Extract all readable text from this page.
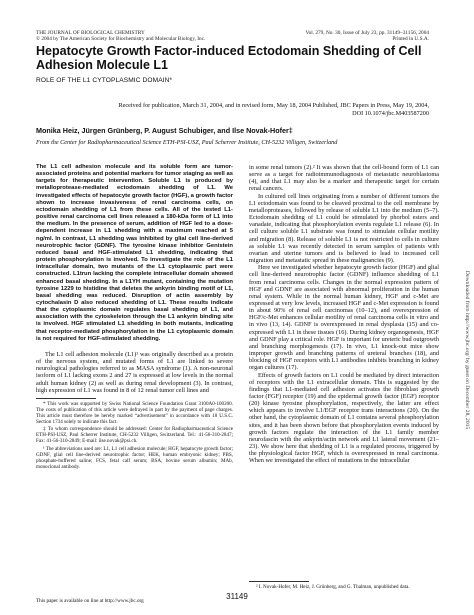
THE JOURNAL OF BIOLOGICAL CHEMISTRY
© 2004 by The American Society for Biochemistry and Molecular Biology, Inc.
Vol. 279, No. 30, Issue of July 23, pp. 31149–31156, 2004
Printed in U.S.A.
Hepatocyte Growth Factor-induced Ectodomain Shedding of Cell Adhesion Molecule L1
ROLE OF THE L1 CYTOPLASMIC DOMAIN*
Received for publication, March 31, 2004, and in revised form, May 18, 2004 Published, JBC Papers in Press, May 19, 2004, DOI 10.1074/jbc.M403587200
Monika Heiz, Jürgen Grünberg, P. August Schubiger, and Ilse Novak-Hofer‡
From the Center for Radiopharmaceutical Science ETH-PSI-USZ, Paul Scherrer Institute, CH-5232 Villigen, Switzerland

The L1 cell adhesion molecule and its soluble form are tumor-associated proteins and potential markers for tumor staging as well as targets for therapeutic intervention. Soluble L1 is produced by metalloprotease-mediated ectodomain shedding of L1. We investigated effects of hepatocyte growth factor (HGF), a growth factor shown to increase invasiveness of renal carcinoma cells, on ectodomain shedding of L1 from these cells. All of the tested L1-positive renal carcinoma cell lines released a 180-kDa form of L1 into the medium. In the presence of serum, addition of HGF led to a dose-dependent increase in L1 shedding with a maximum reached at 5 ng/ml. In contrast, L1 shedding was inhibited by glial cell line-derived neurotrophic factor (GDNF). The tyrosine kinase inhibitor Genistein reduced basal and HGF-stimulated L1 shedding, indicating that protein phosphorylation is involved. To investigate the role of the L1 intracellular domain, two mutants of the L1 cytoplasmic part were constructed. L1trun lacking the complete intracellular domain showed enhanced basal shedding. In a L1YH mutant, containing the mutation tyrosine 1229 to histidine that deletes the ankyrin binding motif of L1, basal shedding was reduced. Disruption of actin assembly by cytochalasin D also reduced shedding of L1. These results indicate that the cytoplasmic domain regulates basal shedding of L1, and association with the cytoskeleton through the L1 ankyrin binding site is involved. HGF stimulated L1 shedding in both mutants, indicating that receptor-mediated phosphorylation in the L1 cytoplasmic domain is not required for HGF-stimulated shedding.

The L1 cell adhesion molecule (L1)¹ was originally described as a protein of the nervous system, and mutated forms of L1 are linked to severe neurological pathologies referred to as MASA syndrome (1). A non-neuronal isoform of L1 lacking exons 2 and 27 is expressed at low levels in the normal adult human kidney (2) as well as during renal development (3). In contrast, high expression of L1 was found in 8 of 12 renal tumor cell lines and

* This work was supported by Swiss National Science Foundation Grant 3100A0-100200. The costs of publication of this article were defrayed in part by the payment of page charges. This article must therefore be hereby marked “advertisement” in accordance with 18 U.S.C. Section 1734 solely to indicate this fact.

‡ To whom correspondence should be addressed: Center for Radiopharmaceutical Science ETH-PSI-USZ, Paul Scherrer Institute, CH-5232 Villigen, Switzerland. Tel.: 41-56-310-2847; Fax: 41-56-310-2849; E-mail: ilse.novak@psi.ch.

¹ The abbreviations used are: L1, L1 cell adhesion molecule; HGF, hepatocyte growth factor; GDNF, glial cell line-derived neurotrophic factor; HEK, human embryonic kidney; PBS, phosphate-buffered saline; FCS, fetal calf serum; BSA, bovine serum albumin; MAb, monoclonal antibody.

in some renal tumors (2).² It was shown that the cell-bound form of L1 can serve as a target for radioimmunodiagnosis of metastatic neuroblastoma (4), and that L1 may also be a marker and therapeutic target for certain renal cancers.

In cultured cell lines originating from a number of different tumors the L1 ectodomain was found to be cleaved proximal to the cell membrane by metalloproteases, followed by release of soluble L1 into the medium (5–7). Ectodomain shedding of L1 could be stimulated by phorbol esters and vanadate, indicating that phosphorylation events regulate L1 release (6). In cell culture soluble L1 substrate was found to stimulate cellular motility and migration (8). Release of soluble L1 is not restricted to cells in culture as soluble L1 was recently detected in serum samples of patients with ovarian and uterine tumors and is believed to lead to increased cell migration and metastatic spread in these malignancies (9).

Here we investigated whether hepatocyte growth factor (HGF) and glial cell line-derived neurotrophic factor (GDNF) influence shedding of L1 from renal carcinoma cells. Changes in the normal expression pattern of HGF and GDNF are associated with abnormal proliferation in the human renal system. While in the normal human kidney, HGF and c-Met are expressed at very low levels, increased HGF and c-Met expression is found in about 90% of renal cell carcinomas (10–12), and overexpression of HGF/c-Met enhances cellular motility of renal carcinoma cells in vitro and in vivo (13, 14). GDNF is overexpressed in renal dysplasia (15) and co-expressed with L1 in these tissues (16). During kidney organogenesis, HGF and GDNF play a critical role. HGF is important for ureteric bud outgrowth and branching morphogenesis (17). In vivo, L1 knock-out mice show improper growth and branching patterns of ureteral branches (18), and blocking of HGF receptors with L1 antibodies inhibits branching in kidney organ cultures (17).

Effects of growth factors on L1 could be mediated by direct interaction of receptors with the L1 extracellular domain. This is suggested by the findings that L1-mediated cell adhesion activates the fibroblast growth factor (FGF) receptor (19) and the epidermal growth factor (EGF) receptor (20) kinase tyrosine phosphorylation, respectively, the latter are effect which appears to involve L1/EGF receptor trans interactions (20). On the other hand, the cytoplasmic domain of L1 contains several phosphorylation sites, and it has been shown before that phosphorylation events induced by growth factors regulate the interaction of the L1 family member neurofascin with the ankyrin/actin network and L1 lateral movement (21–23). We show here that shedding of L1 is a regulated process, triggered by the physiological factor HGF, which is overexpressed in renal carcinoma. When we investigated the effect of mutations in the intracellular

² I. Novak-Hofer, M. Heiz, J. Grünberg, and G. Thalman, unpublished data.

This paper is available on line at http://www.jbc.org	31149
Downloaded from http://www.jbc.org/ by guest on December 28, 2015
